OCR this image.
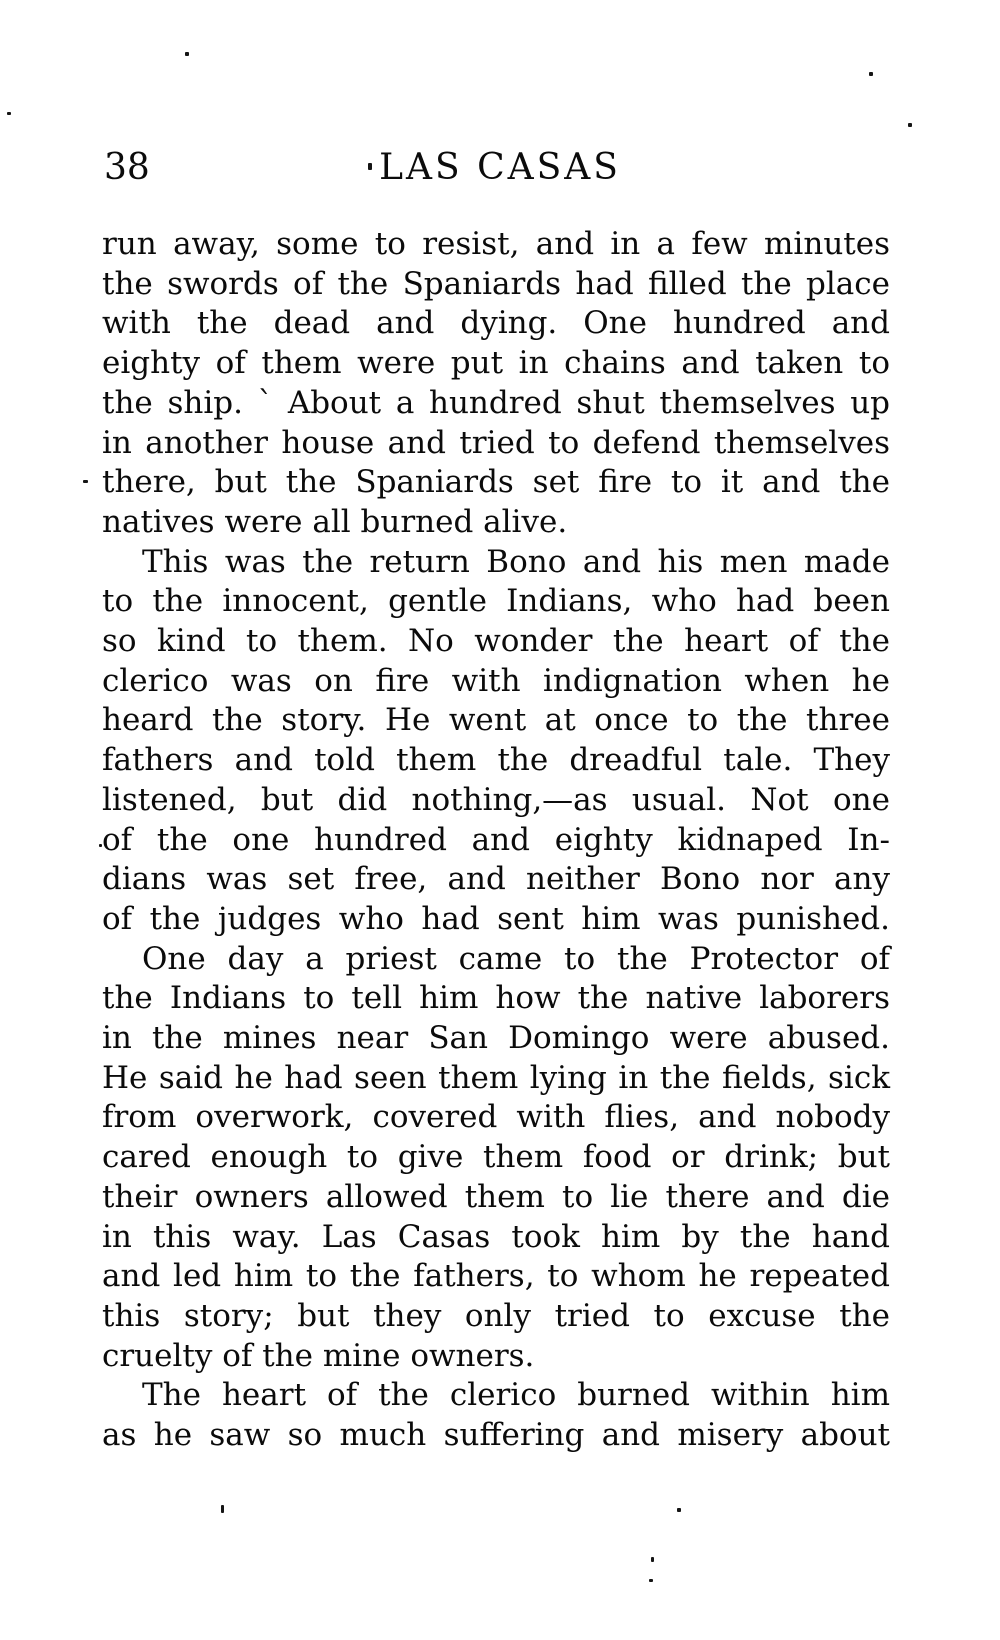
38	LAS CASAS
run away, some to resist, and in a few minutes
the swords of the Spaniards had filled the place
with the dead and dying. One hundred and
eighty of them were put in chains and taken to
the ship. ` About a hundred shut themselves up
in another house and tried to defend themselves
there, but the Spaniards set fire to it and the
natives were all burned alive.
This was the return Bono and his men made
to the innocent, gentle Indians, who had been
so kind to them. No wonder the heart of the
clerico was on fire with indignation when he
heard the story. He went at once to the three
fathers and told them the dreadful tale. They
listened, but did nothing,—as usual. Not one
of the one hundred and eighty kidnaped In-
dians was set free, and neither Bono nor any
of the judges who had sent him was punished.
One day a priest came to the Protector of
the Indians to tell him how the native laborers
in the mines near San Domingo were abused.
He said he had seen them lying in the fields, sick
from overwork, covered with flies, and nobody
cared enough to give them food or drink; but
their owners allowed them to lie there and die
in this way. Las Casas took him by the hand
and led him to the fathers, to whom he repeated
this story; but they only tried to excuse the
cruelty of the mine owners.
The heart of the clerico burned within him
as he saw so much suffering and misery about
